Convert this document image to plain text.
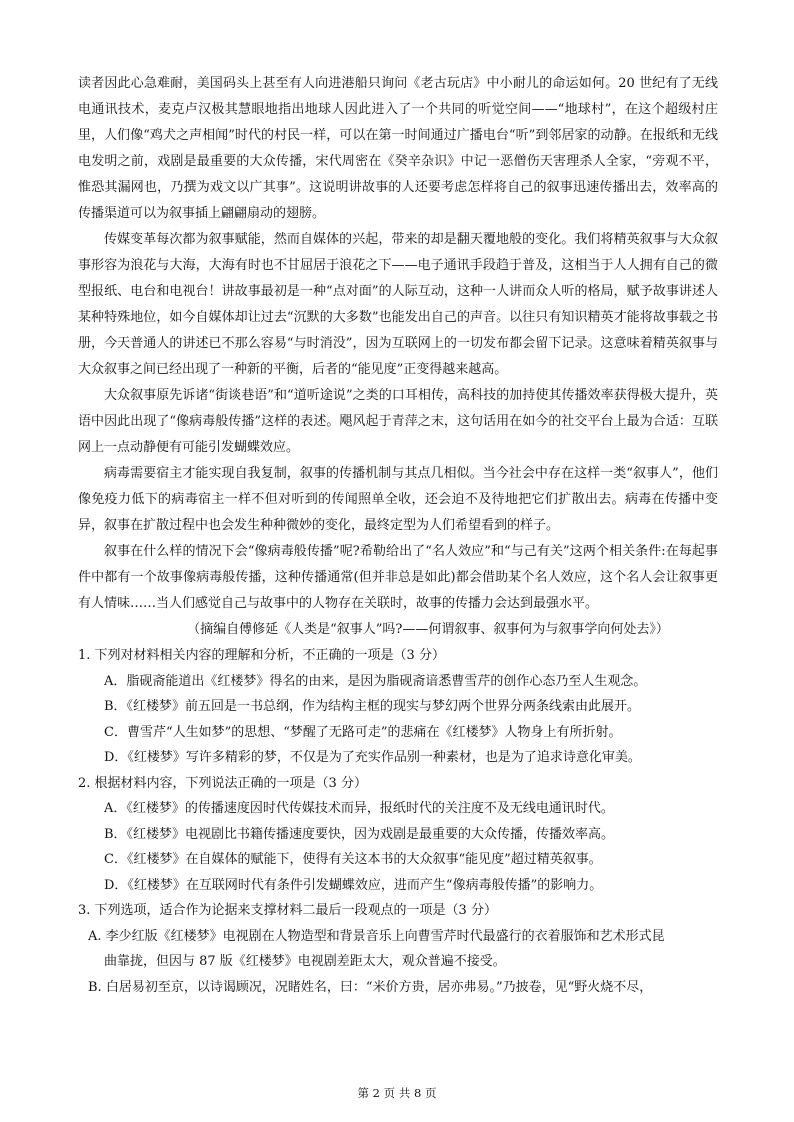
读者因此心急难耐，美国码头上甚至有人向进港船只询问《老古玩店》中小耐儿的命运如何。20 世纪有了无线电通讯技术，麦克卢汉极其慧眼地指出地球人因此进入了一个共同的听觉空间——“地球村”，在这个超级村庄里，人们像“鸡犬之声相闻”时代的村民一样，可以在第一时间通过广播电台“听”到邻居家的动静。在报纸和无线电发明之前，戏剧是最重要的大众传播，宋代周密在《癸辛杂识》中记一恶僧伤天害理杀人全家，“旁观不平，惟恐其漏网也，乃撰为戏文以广其事”。这说明讲故事的人还要考虑怎样将自己的叙事迅速传播出去，效率高的传播渠道可以为叙事插上翩翩扇动的翅膀。

传媒变革每次都为叙事赋能，然而自媒体的兴起，带来的却是翻天覆地般的变化。我们将精英叙事与大众叙事形容为浪花与大海，大海有时也不甘屈居于浪花之下——电子通讯手段趋于普及，这相当于人人拥有自己的微型报纸、电台和电视台！讲故事最初是一种“点对面”的人际互动，这种一人讲而众人听的格局，赋予故事讲述人某种特殊地位，如今自媒体却让过去“沉默的大多数”也能发出自己的声音。以往只有知识精英才能将故事载之书册，今天普通人的讲述已不那么容易“与时消没”，因为互联网上的一切发布都会留下记录。这意味着精英叙事与大众叙事之间已经出现了一种新的平衡，后者的“能见度”正变得越来越高。

大众叙事原先诉诸“街谈巷语”和“道听途说”之类的口耳相传，高科技的加持使其传播效率获得极大提升，英语中因此出现了“像病毒般传播”这样的表述。飓风起于青萍之末，这句话用在如今的社交平台上最为合适：互联网上一点动静便有可能引发蝴蝶效应。

病毒需要宿主才能实现自我复制，叙事的传播机制与其点几相似。当今社会中存在这样一类“叙事人”，他们像免疫力低下的病毒宿主一样不但对听到的传闻照单全收，还会迫不及待地把它们扩散出去。病毒在传播中变异，叙事在扩散过程中也会发生种种微妙的变化，最终定型为人们希望看到的样子。

叙事在什么样的情况下会“像病毒般传播”呢?希勒给出了“名人效应”和“与己有关”这两个相关条件:在每起事件中都有一个故事像病毒般传播，这种传播通常(但并非总是如此)都会借助某个名人效应，这个名人会让叙事更有人情味……当人们感觉自己与故事中的人物存在关联时，故事的传播力会达到最强水平。

（摘编自傅修延《人类是“叙事人”吗?——何谓叙事、叙事何为与叙事学向何处去》）

1. 下列对材料相关内容的理解和分析，不正确的一项是（3 分）

A．脂砚斋能道出《红楼梦》得名的由来，是因为脂砚斋谙悉曹雪芹的创作心态乃至人生观念。

B．《红楼梦》前五回是一书总纲，作为结构主框的现实与梦幻两个世界分两条线索由此展开。

C．曹雪芹“人生如梦”的思想、“梦醒了无路可走”的悲痛在《红楼梦》人物身上有所折射。

D．《红楼梦》写许多精彩的梦，不仅是为了充实作品别一种素材，也是为了追求诗意化审美。

2. 根据材料内容，下列说法正确的一项是（3 分）

A．《红楼梦》的传播速度因时代传媒技术而异，报纸时代的关注度不及无线电通讯时代。

B．《红楼梦》电视剧比书籍传播速度要快，因为戏剧是最重要的大众传播，传播效率高。

C．《红楼梦》在自媒体的赋能下，使得有关这本书的大众叙事“能见度”超过精英叙事。

D．《红楼梦》在互联网时代有条件引发蝴蝶效应，进而产生“像病毒般传播”的影响力。

3. 下列选项，适合作为论据来支撑材料二最后一段观点的一项是（3 分）

A. 李少红版《红楼梦》电视剧在人物造型和背景音乐上向曹雪芹时代最盛行的衣着服饰和艺术形式昆

曲靠拢，但因与 87 版《红楼梦》电视剧差距太大，观众普遍不接受。

B. 白居易初至京，以诗谒顾况，况睹姓名，曰：“米价方贵，居亦弗易。”乃披卷，见“野火烧不尽，

第 2 页 共 8 页
